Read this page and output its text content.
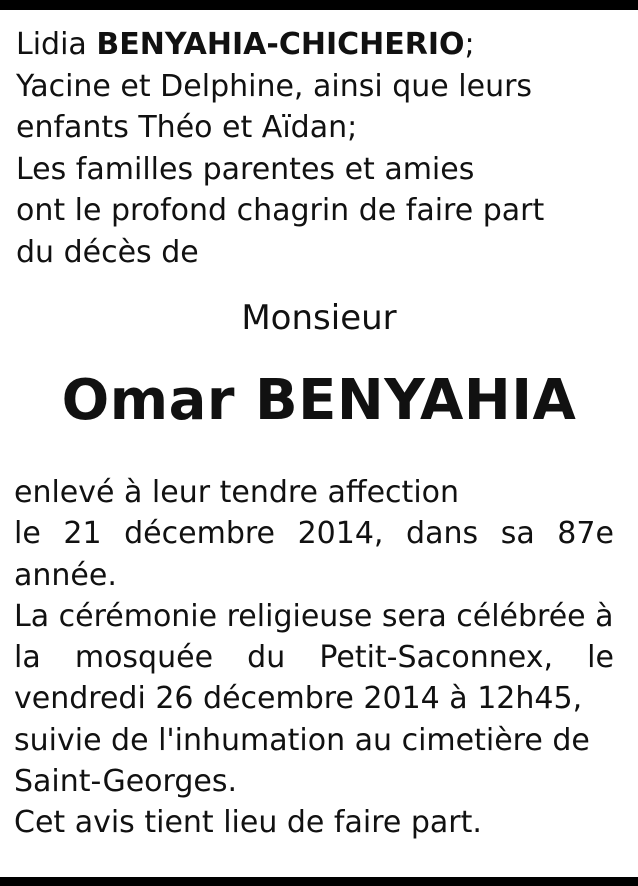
Lidia BENYAHIA-CHICHERIO;
Yacine et Delphine, ainsi que leurs
enfants Théo et Aïdan;
Les familles parentes et amies
ont le profond chagrin de faire part
du décès de
Monsieur
Omar BENYAHIA
enlevé à leur tendre affection
le 21 décembre 2014, dans sa 87e
année.
La cérémonie religieuse sera célébrée à
la mosquée du Petit-Saconnex, le
vendredi 26 décembre 2014 à 12h45,
suivie de l'inhumation au cimetière de
Saint-Georges.
Cet avis tient lieu de faire part.
